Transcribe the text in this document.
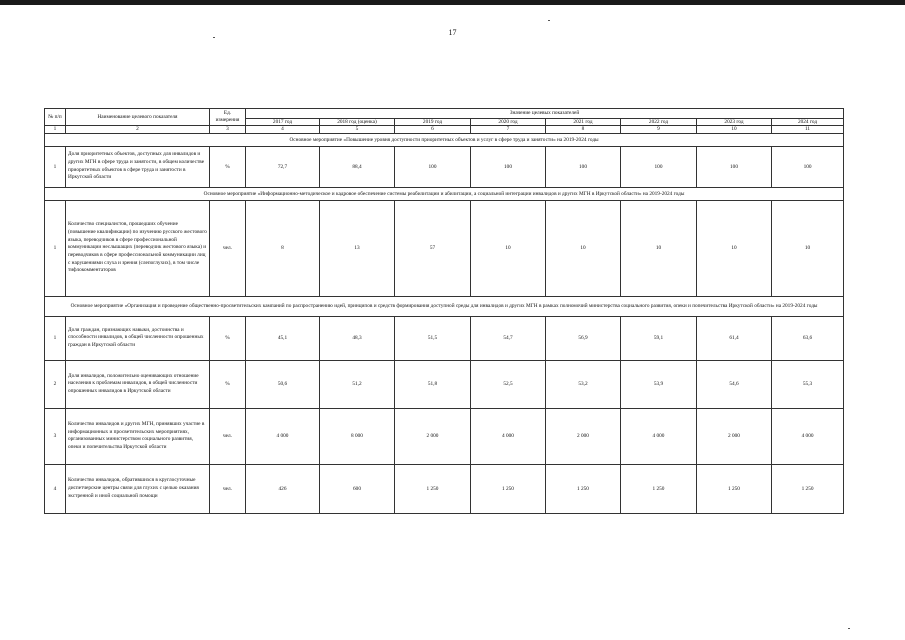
17
№ п/п	Наименование целевого показателя	Ед. измерения	Значение целевых показателей							
			2017 год	2018 год (оценка)	2019 год	2020 год	2021 год	2022 год	2023 год	2024 год
1	2	3	4	5	6	7	8	9	10	11
Основное мероприятие «Повышение уровня доступности приоритетных объектов и услуг в сфере труда и занятости» на 2019-2024 годы										
1	Доля приоритетных объектов, доступных для инвалидов и других МГН в сфере труда и занятости, в общем количестве приоритетных объектов в сфере труда и занятости в Иркутской области	%	72,7	88,4	100	100	100	100	100	100
Основное мероприятие «Информационно-методическое и кадровое обеспечение системы реабилитации и абилитации, а социальной интеграции инвалидов и других МГН в Иркутской области» на 2019-2024 годы										
1	Количество специалистов, прошедших обучение (повышение квалификации) по изучению русского жестового языка, переводчиков в сфере профессиональной коммуникации неслышащих (переводчик жестового языка) и переводчиков в сфере профессиональной коммуникации лиц с нарушениями слуха и зрения (слепоглухих), в том числе тифлокомментаторов	чел.	8	13	57	10	10	10	10	10
Основное мероприятие «Организация и проведение общественно-просветительских кампаний по распространению идей, принципов и средств формирования доступной среды для инвалидов и других МГН в рамках полномочий министерства социального развития, опеки и попечительства Иркутской области» на 2019-2024 годы										
1	Доля граждан, признающих навыки, достоинства и способности инвалидов, в общей численности опрошенных граждан в Иркутской области	%	45,1	48,3	51,5	54,7	56,9	59,1	61,4	63,6
2	Доля инвалидов, положительно оценивающих отношение населения к проблемам инвалидов, в общей численности опрошенных инвалидов в Иркутской области	%	50,6	51,2	51,8	52,5	53,2	53,9	54,6	55,3
3	Количество инвалидов и других МГН, принявших участие в информационных и просветительских мероприятиях, организованных министерством социального развития, опеки и попечительства Иркутской области	чел.	4 000	8 000	2 000	4 000	2 000	4 000	2 000	4 000
4	Количество инвалидов, обратившихся в круглосуточные диспетчерские центры связи для глухих с целью оказания экстренной и иной социальной помощи	чел.	426	600	1 250	1 250	1 250	1 250	1 250	1 250
